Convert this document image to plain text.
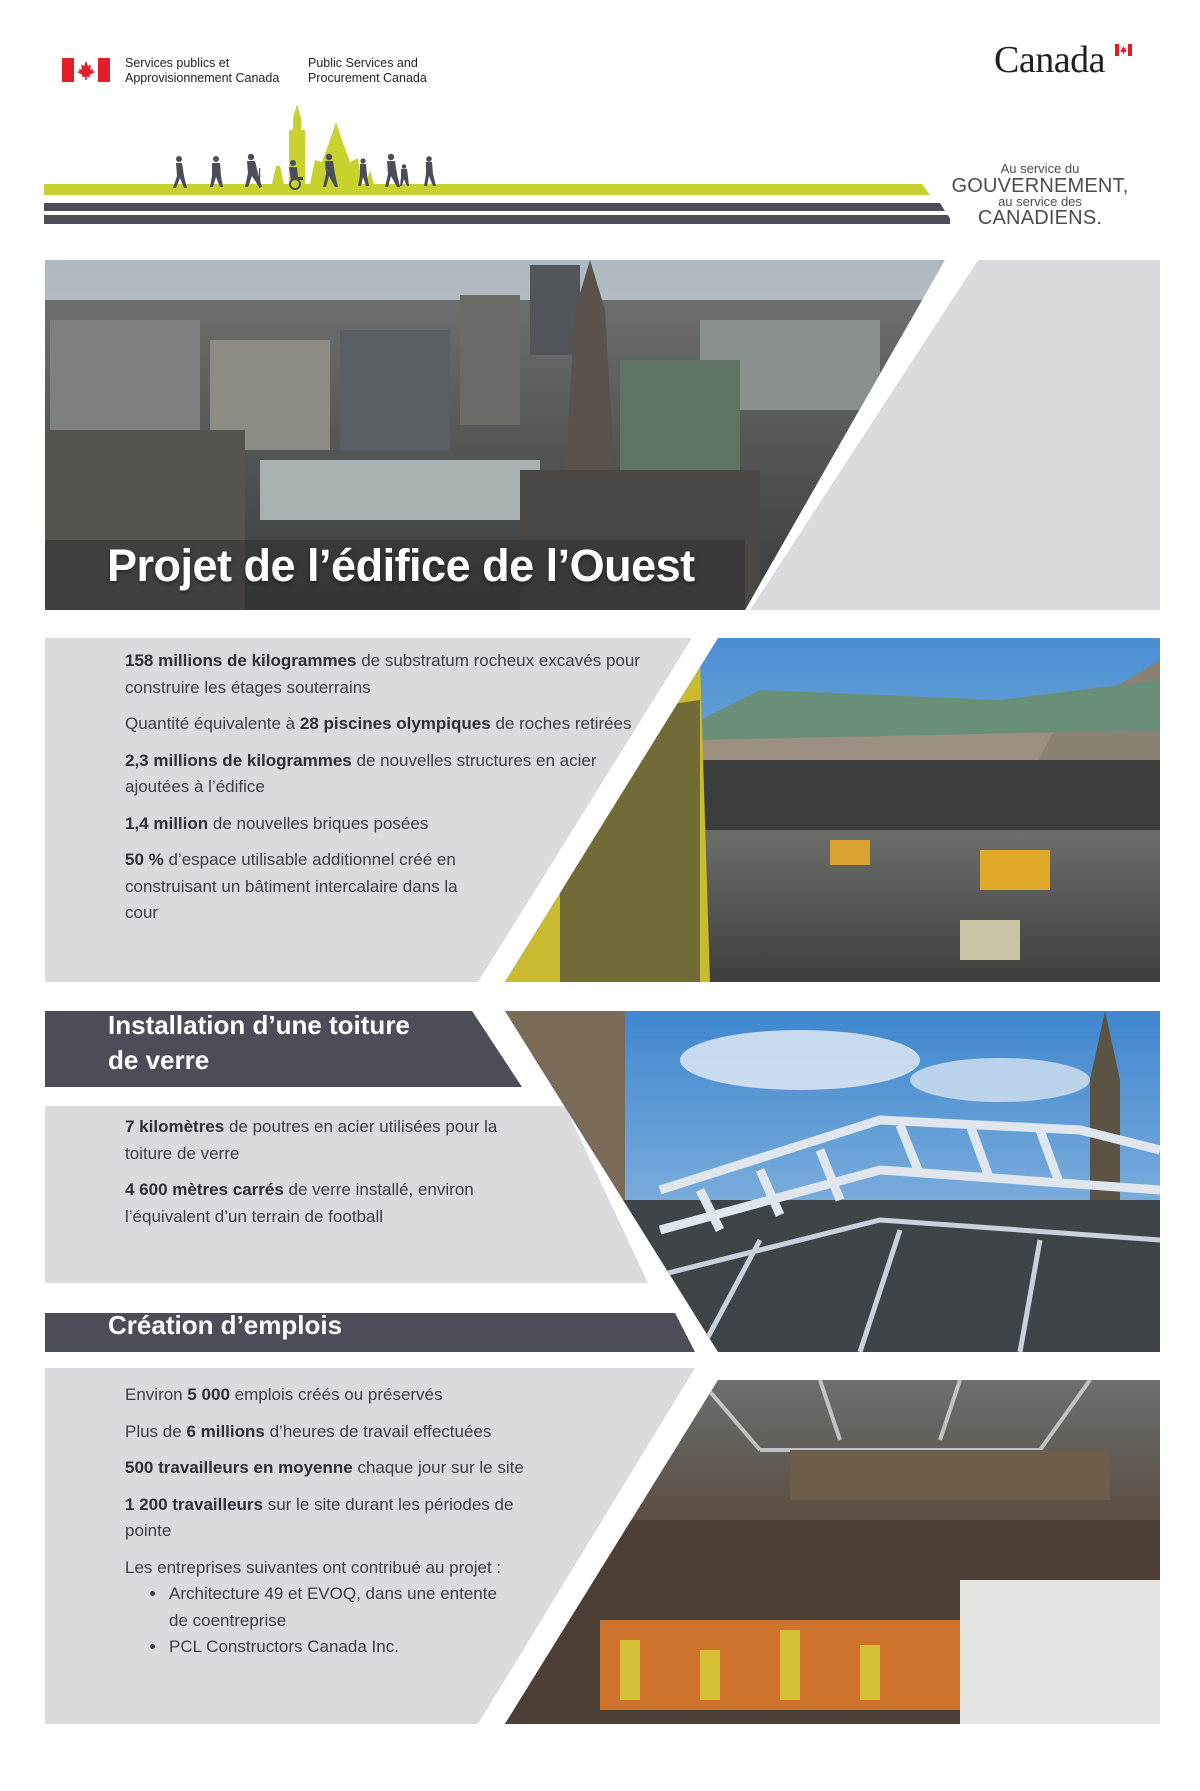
Services publics et
Approvisionnement Canada
Public Services and
Procurement Canada	Canada
Au service du
GOUVERNEMENT,
au service des
CANADIENS.
Projet de l’édifice de l’Ouest

158 millions de kilogrammes de substratum rocheux excavés pour construire les étages souterrains

Quantité équivalente à 28 piscines olympiques de roches retirées

2,3 millions de kilogrammes de nouvelles structures en acier ajoutées à l’édifice

1,4 million de nouvelles briques posées

50 % d’espace utilisable additionnel créé en construisant un bâtiment intercalaire dans la cour

Installation d’une toiture
de verre

7 kilomètres de poutres en acier utilisées pour la toiture de verre

4 600 mètres carrés de verre installé, environ l’équivalent d’un terrain de football

Création d’emplois

Environ 5 000 emplois créés ou préservés

Plus de 6 millions d’heures de travail effectuées

500 travailleurs en moyenne chaque jour sur le site

1 200 travailleurs sur le site durant les périodes de pointe

Les entreprises suivantes ont contribué au projet :

• Architecture 49 et EVOQ, dans une entente de coentreprise
• PCL Constructors Canada Inc.
